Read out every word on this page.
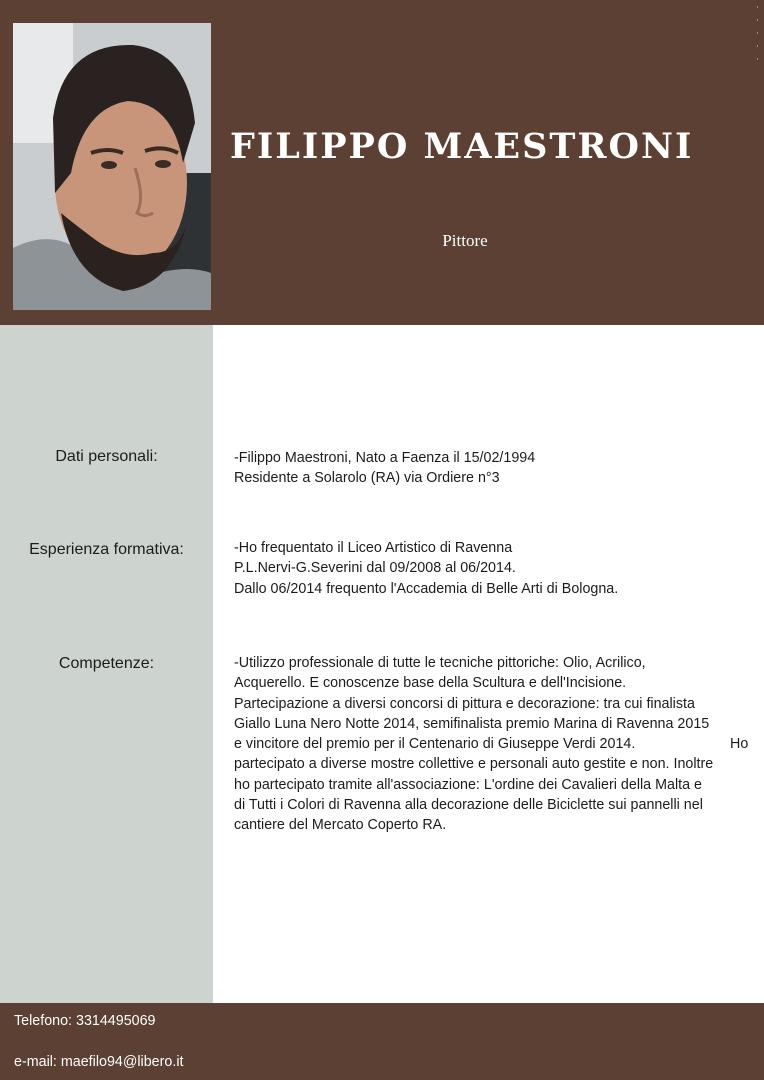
FILIPPO MAESTRONI
Pittore
·
·
·
·
·
Dati personali:	-Filippo Maestroni, Nato a Faenza il 15/02/1994
Residente a Solarolo (RA) via Ordiere n°3
Esperienza formativa:	-Ho frequentato il Liceo Artistico di Ravenna
P.L.Nervi-G.Severini dal 09/2008 al 06/2014.
Dallo 06/2014 frequento l'Accademia di Belle Arti di Bologna.
Competenze:	-Utilizzo professionale di tutte le tecniche pittoriche: Olio, Acrilico,
Acquerello. E conoscenze base della Scultura e dell'Incisione.
Partecipazione a diversi concorsi di pittura e decorazione: tra cui finalista
Giallo Luna Nero Notte 2014, semifinalista premio Marina di Ravenna 2015
e vincitore del premio per il Centenario di Giuseppe Verdi 2014.	Ho
partecipato a diverse mostre collettive e personali auto gestite e non. Inoltre
ho partecipato tramite all'associazione: L'ordine dei Cavalieri della Malta e
di Tutti i Colori di Ravenna alla decorazione delle Biciclette sui pannelli nel
cantiere del Mercato Coperto RA.
Telefono: 3314495069
e-mail: maefilo94@libero.it
